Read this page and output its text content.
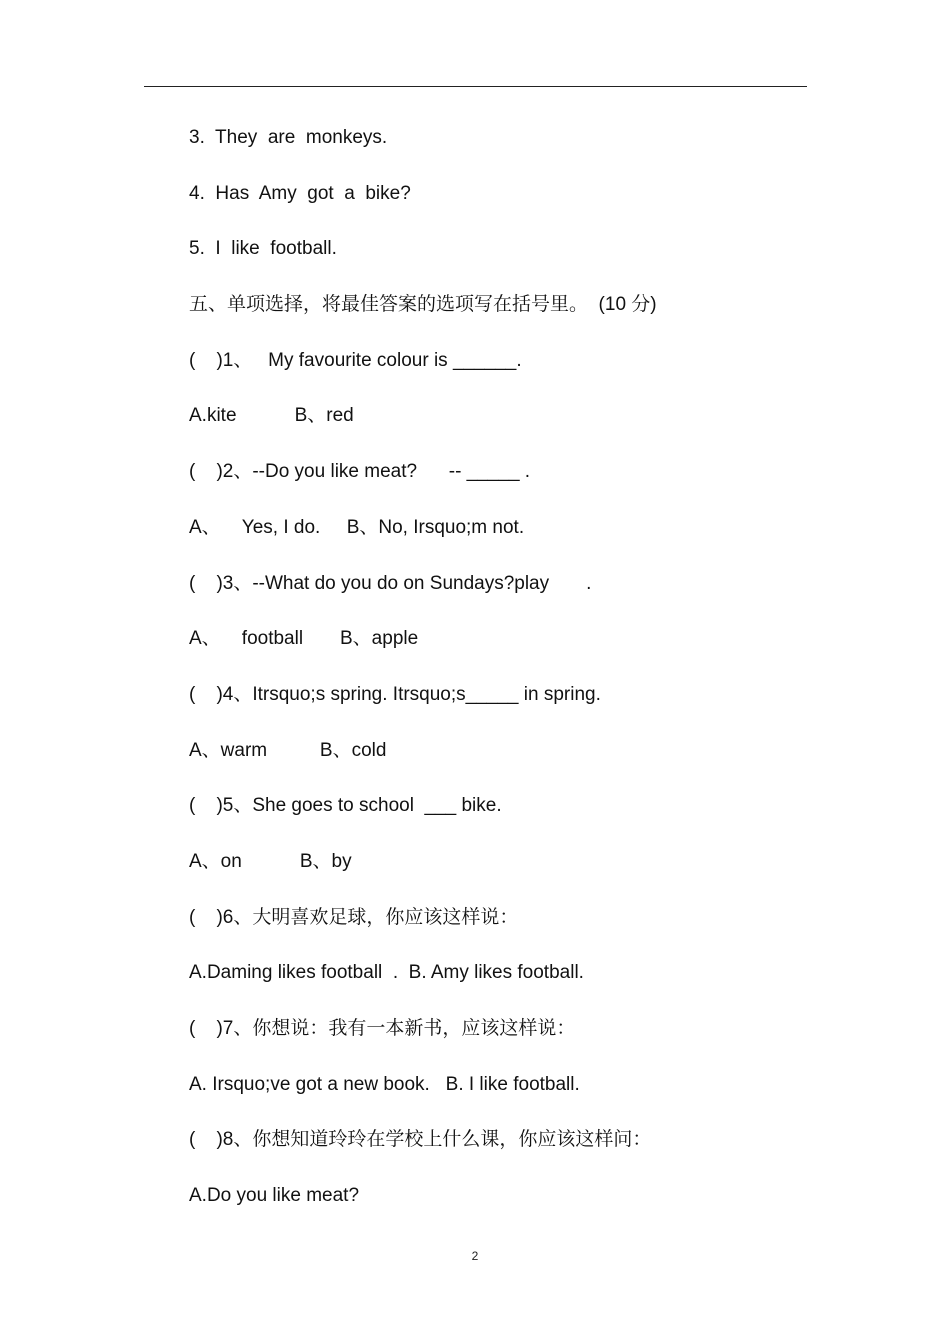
3.  They  are  monkeys.
4.  Has  Amy  got  a  bike?
5.  I  like  football.
五、单项选择，将最佳答案的选项写在括号里。  (10 分)
(    )1、   My favourite colour is ______.
A.kite           B、red
(    )2、--Do you like meat?      -- _____ .
A、    Yes, I do.     B、No, Irsquo;m not.
(    )3、--What do you do on Sundays?play       .
A、    football       B、apple
(    )4、Itrsquo;s spring. Itrsquo;s_____ in spring.
A、warm          B、cold
(    )5、She goes to school  ___ bike.
A、on           B、by
(    )6、大明喜欢足球，你应该这样说：
A.Daming likes football  .  B. Amy likes football.
(    )7、你想说：我有一本新书，应该这样说：
A. Irsquo;ve got a new book.   B. I like football.
(    )8、你想知道玲玲在学校上什么课，你应该这样问：
A.Do you like meat?
2
